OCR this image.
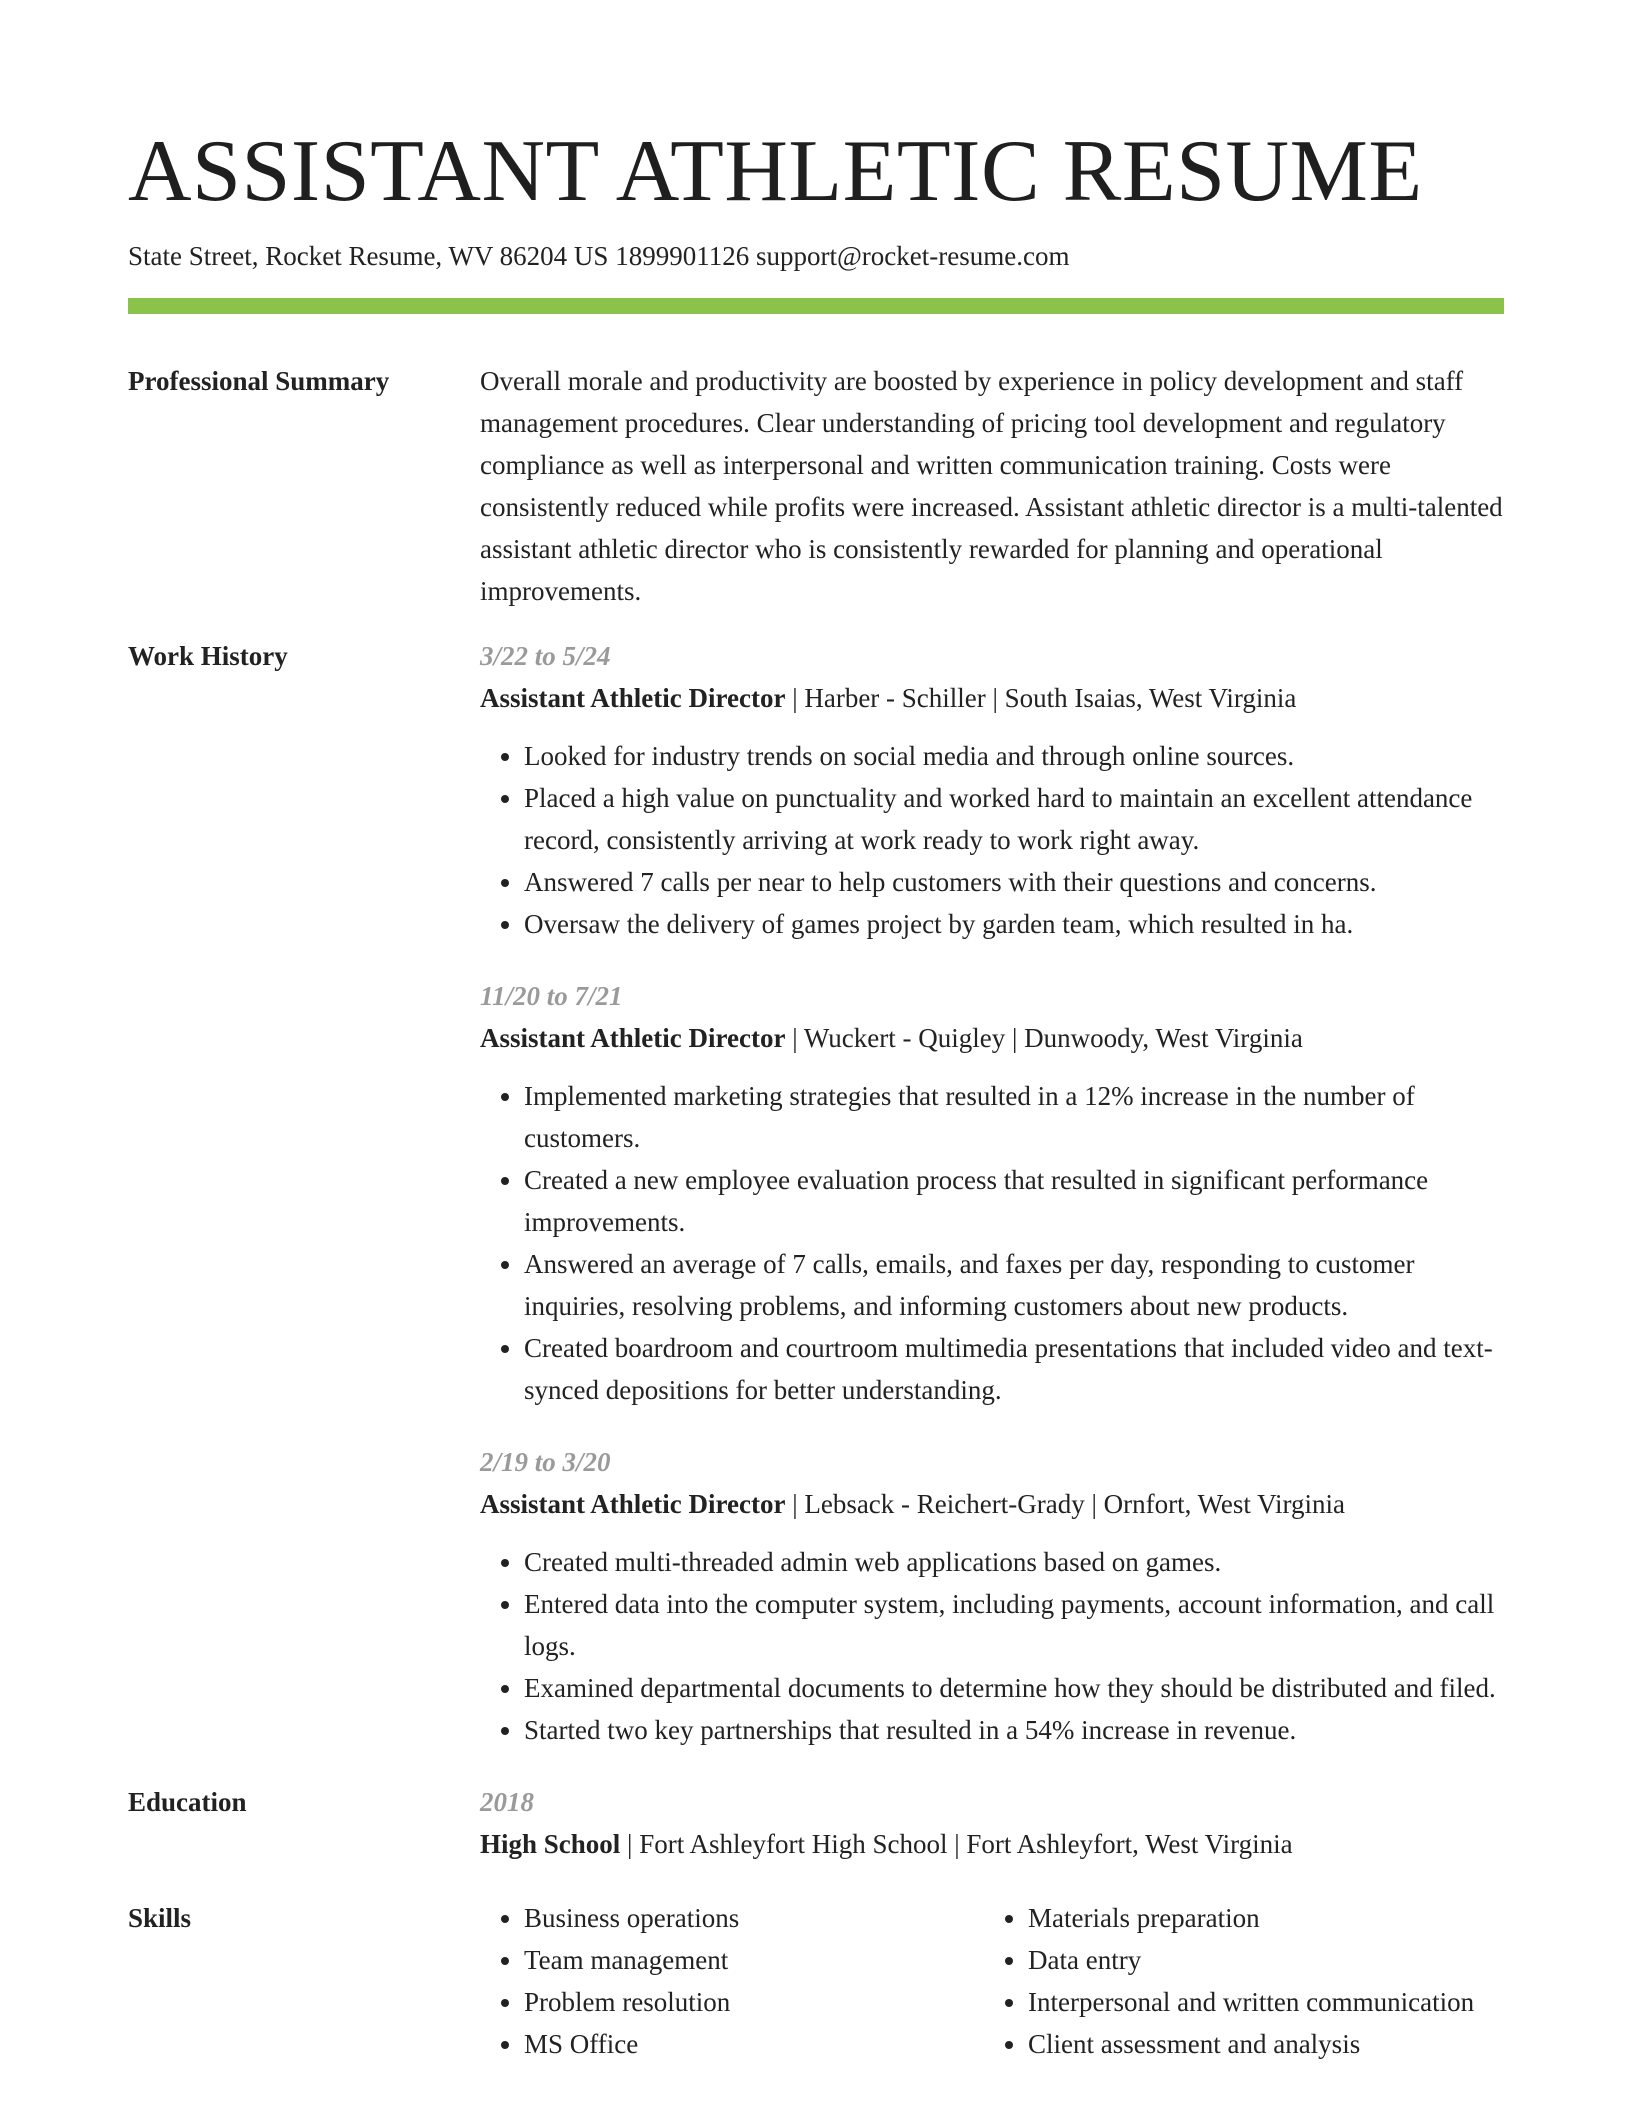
ASSISTANT ATHLETIC RESUME
State Street, Rocket Resume, WV 86204 US 1899901126 support@rocket-resume.com
Professional Summary	Overall morale and productivity are boosted by experience in policy development and staff management procedures. Clear understanding of pricing tool development and regulatory compliance as well as interpersonal and written communication training. Costs were consistently reduced while profits were increased. Assistant athletic director is a multi-talented assistant athletic director who is consistently rewarded for planning and operational improvements.

Work History	3/22 to 5/24
Assistant Athletic Director | Harber - Schiller | South Isaias, West Virginia
• Looked for industry trends on social media and through online sources.
• Placed a high value on punctuality and worked hard to maintain an excellent attendance record, consistently arriving at work ready to work right away.
• Answered 7 calls per near to help customers with their questions and concerns.
• Oversaw the delivery of games project by garden team, which resulted in ha.
11/20 to 7/21
Assistant Athletic Director | Wuckert - Quigley | Dunwoody, West Virginia
• Implemented marketing strategies that resulted in a 12% increase in the number of customers.
• Created a new employee evaluation process that resulted in significant performance improvements.
• Answered an average of 7 calls, emails, and faxes per day, responding to customer inquiries, resolving problems, and informing customers about new products.
• Created boardroom and courtroom multimedia presentations that included video and text-synced depositions for better understanding.
2/19 to 3/20
Assistant Athletic Director | Lebsack - Reichert-Grady | Ornfort, West Virginia
• Created multi-threaded admin web applications based on games.
• Entered data into the computer system, including payments, account information, and call logs.
• Examined departmental documents to determine how they should be distributed and filed.
• Started two key partnerships that resulted in a 54% increase in revenue.
Education	2018
High School | Fort Ashleyfort High School | Fort Ashleyfort, West Virginia
Skills
•	Business operations
• Team management
• Problem resolution
• MS Office
• Materials preparation
• Data entry
• Interpersonal and written communication
• Client assessment and analysis
